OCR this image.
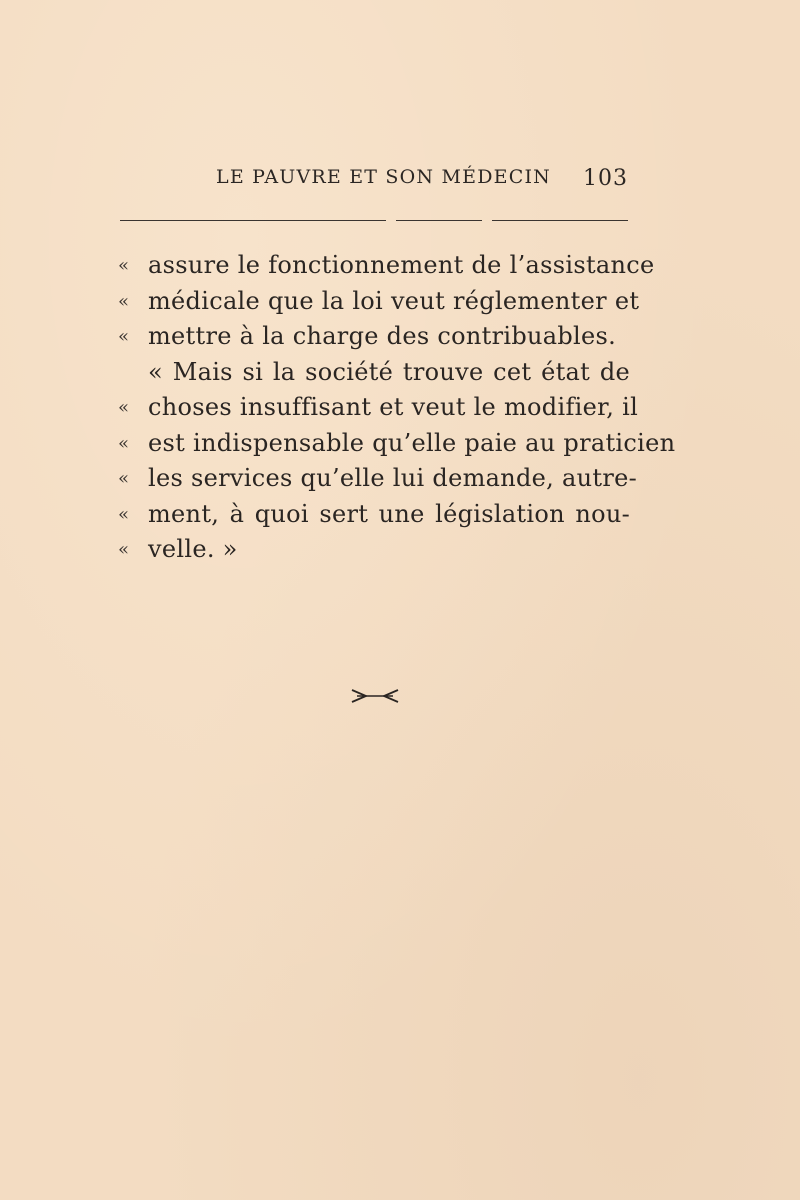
LE PAUVRE ET SON MÉDECIN 103
« assure le fonctionnement de l’assistance
« médicale que la loi veut réglementer et
« mettre à la charge des contribuables.
« Mais si la société trouve cet état de
« choses insuffisant et veut le modifier, il
« est indispensable qu’elle paie au praticien
« les services qu’elle lui demande, autre-
« ment, à quoi sert une législation nou-
« velle. »
